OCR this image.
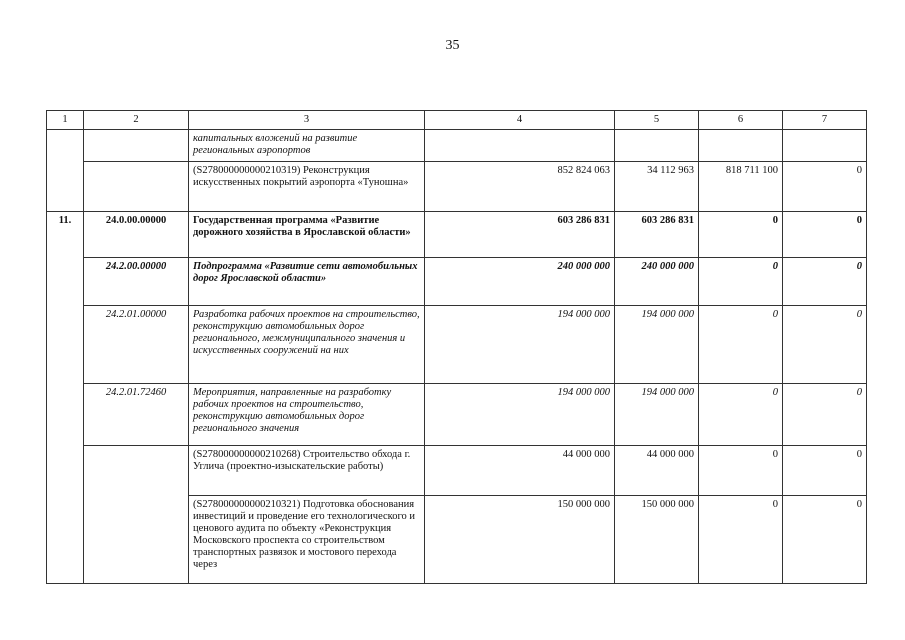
35
1	2	3	4	5	6	7
		капитальных вложений на развитие региональных аэропортов				
		(S278000000000210319) Реконструкция искусственных покрытий аэропорта «Туношна»	852 824 063	34 112 963	818 711 100	0
11.	24.0.00.00000	Государственная программа «Развитие дорожного хозяйства в Ярославской области»	603 286 831	603 286 831	0	0
	24.2.00.00000	Подпрограмма «Развитие сети автомобильных дорог Ярославской области»	240 000 000	240 000 000	0	0
	24.2.01.00000	Разработка рабочих проектов на строительство, реконструкцию автомобильных дорог регионального, межмуниципального значения и искусственных сооружений на них	194 000 000	194 000 000	0	0
	24.2.01.72460	Мероприятия, направленные на разработку рабочих проектов на строительство, реконструкцию автомобильных дорог регионального значения	194 000 000	194 000 000	0	0
		(S278000000000210268) Строительство обхода г. Углича (проектно-изыскательские работы)	44 000 000	44 000 000	0	0
		(S278000000000210321) Подготовка обоснования инвестиций и проведение его технологического и ценового аудита по объекту «Реконструкция Московского проспекта со строительством транспортных развязок и мостового перехода через	150 000 000	150 000 000	0	0
